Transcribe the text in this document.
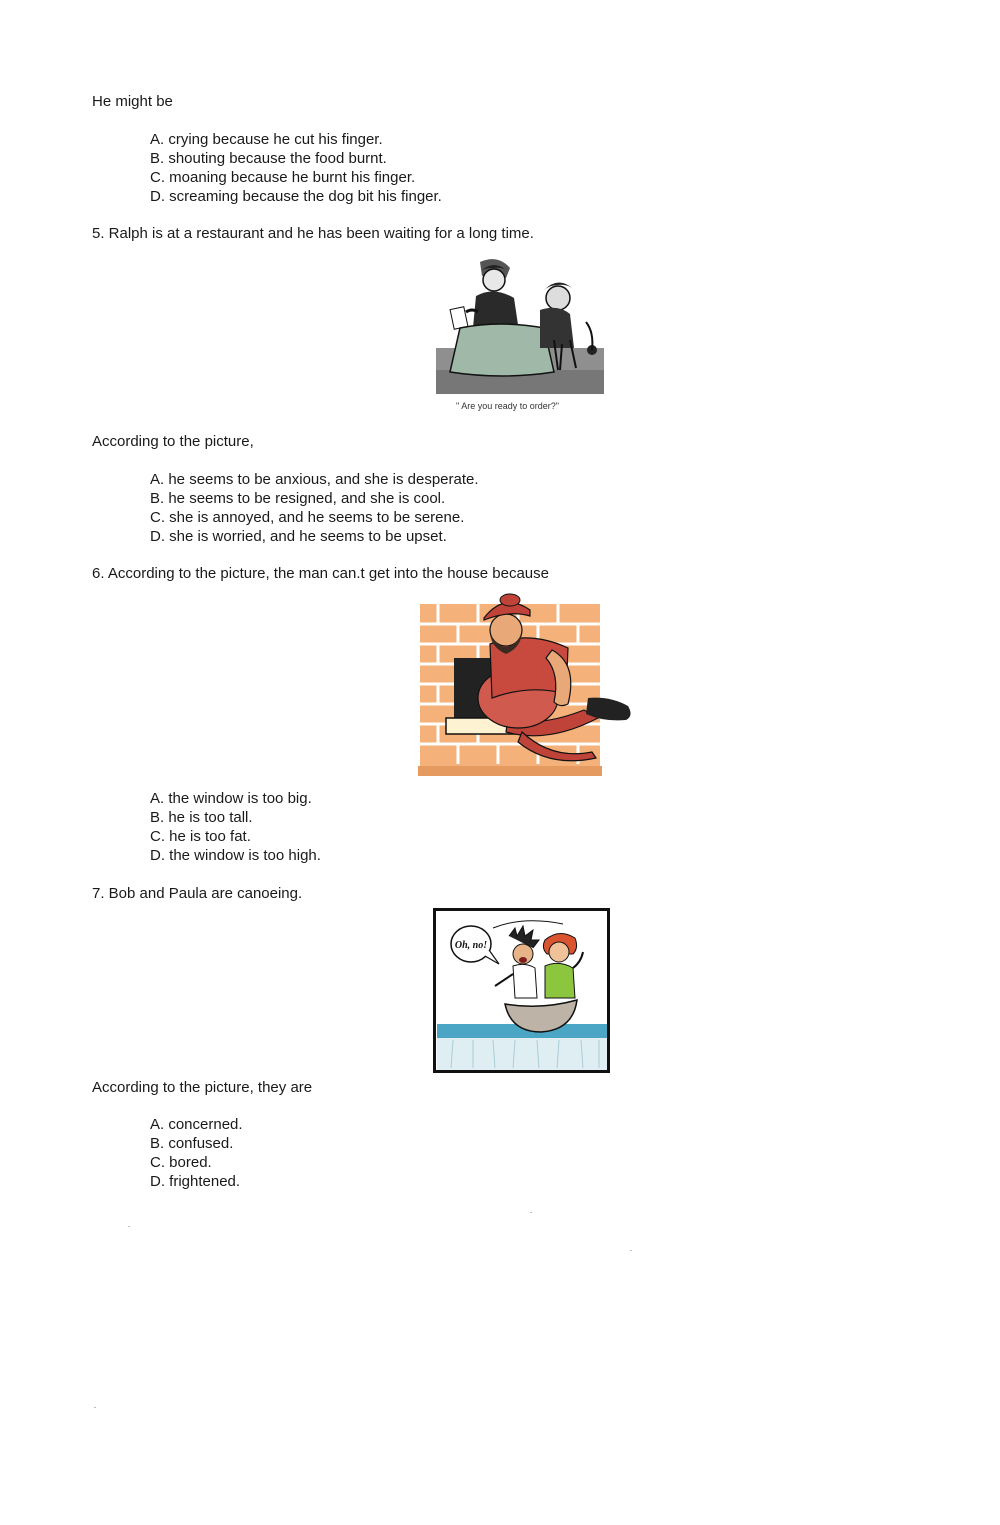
He might be
A. crying because he cut his finger.
B. shouting because the food burnt.
C. moaning because he burnt his finger.
D. screaming because the dog bit his finger.
5. Ralph is at a restaurant and he has been waiting for a long time.
" Are you ready to order?"
According to the picture,
A. he seems to be anxious, and she is desperate.
B. he seems to be resigned, and she is cool.
C. she is annoyed, and he seems to be serene.
D. she is worried, and he seems to be upset.
6. According to the picture, the man can.t get into the house because
A. the window is too big.
B. he is too tall.
C. he is too fat.
D. the window is too high.
7. Bob and Paula are canoeing.
Oh, no!
According to the picture, they are
A. concerned.
B. confused.
C. bored.
D. frightened.
